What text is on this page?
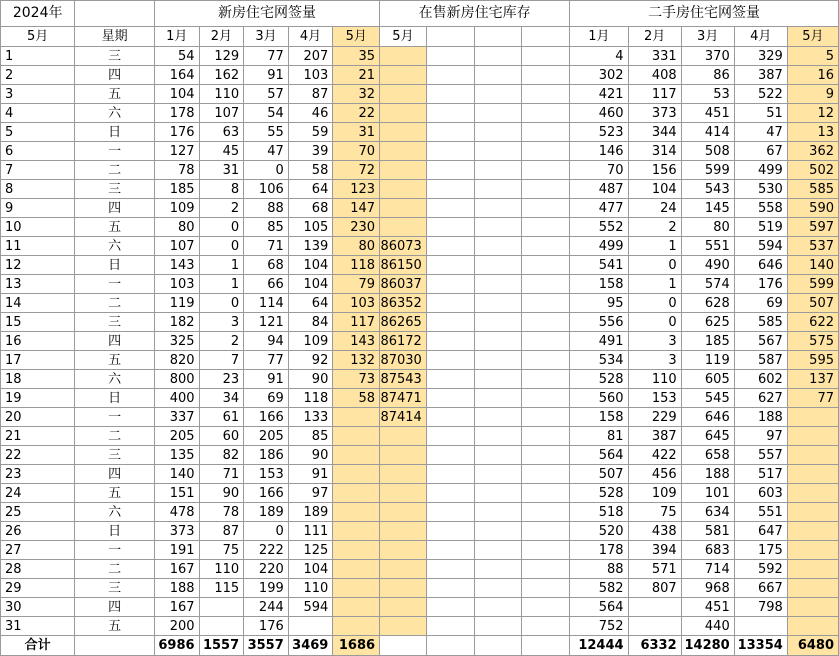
2024年		新房住宅网签量					在售新房住宅库存				二手房住宅网签量				
5月	星期	1月	2月	3月	4月	5月	5月				1月	2月	3月	4月	5月
1	三	54	129	77	207	35					4	331	370	329	5
2	四	164	162	91	103	21					302	408	86	387	16
3	五	104	110	57	87	32					421	117	53	522	9
4	六	178	107	54	46	22					460	373	451	51	12
5	日	176	63	55	59	31					523	344	414	47	13
6	一	127	45	47	39	70					146	314	508	67	362
7	二	78	31	0	58	72					70	156	599	499	502
8	三	185	8	106	64	123					487	104	543	530	585
9	四	109	2	88	68	147					477	24	145	558	590
10	五	80	0	85	105	230					552	2	80	519	597
11	六	107	0	71	139	80	86073				499	1	551	594	537
12	日	143	1	68	104	118	86150				541	0	490	646	140
13	一	103	1	66	104	79	86037				158	1	574	176	599
14	二	119	0	114	64	103	86352				95	0	628	69	507
15	三	182	3	121	84	117	86265				556	0	625	585	622
16	四	325	2	94	109	143	86172				491	3	185	567	575
17	五	820	7	77	92	132	87030				534	3	119	587	595
18	六	800	23	91	90	73	87543				528	110	605	602	137
19	日	400	34	69	118	58	87471				560	153	545	627	77
20	一	337	61	166	133		87414				158	229	646	188	
21	二	205	60	205	85						81	387	645	97	
22	三	135	82	186	90						564	422	658	557	
23	四	140	71	153	91						507	456	188	517	
24	五	151	90	166	97						528	109	101	603	
25	六	478	78	189	189						518	75	634	551	
26	日	373	87	0	111						520	438	581	647	
27	一	191	75	222	125						178	394	683	175	
28	二	167	110	220	104						88	571	714	592	
29	三	188	115	199	110						582	807	968	667	
30	四	167		244	594						564		451	798	
31	五	200		176							752		440		
合计		6986	1557	3557	3469	1686					12444	6332	14280	13354	6480
